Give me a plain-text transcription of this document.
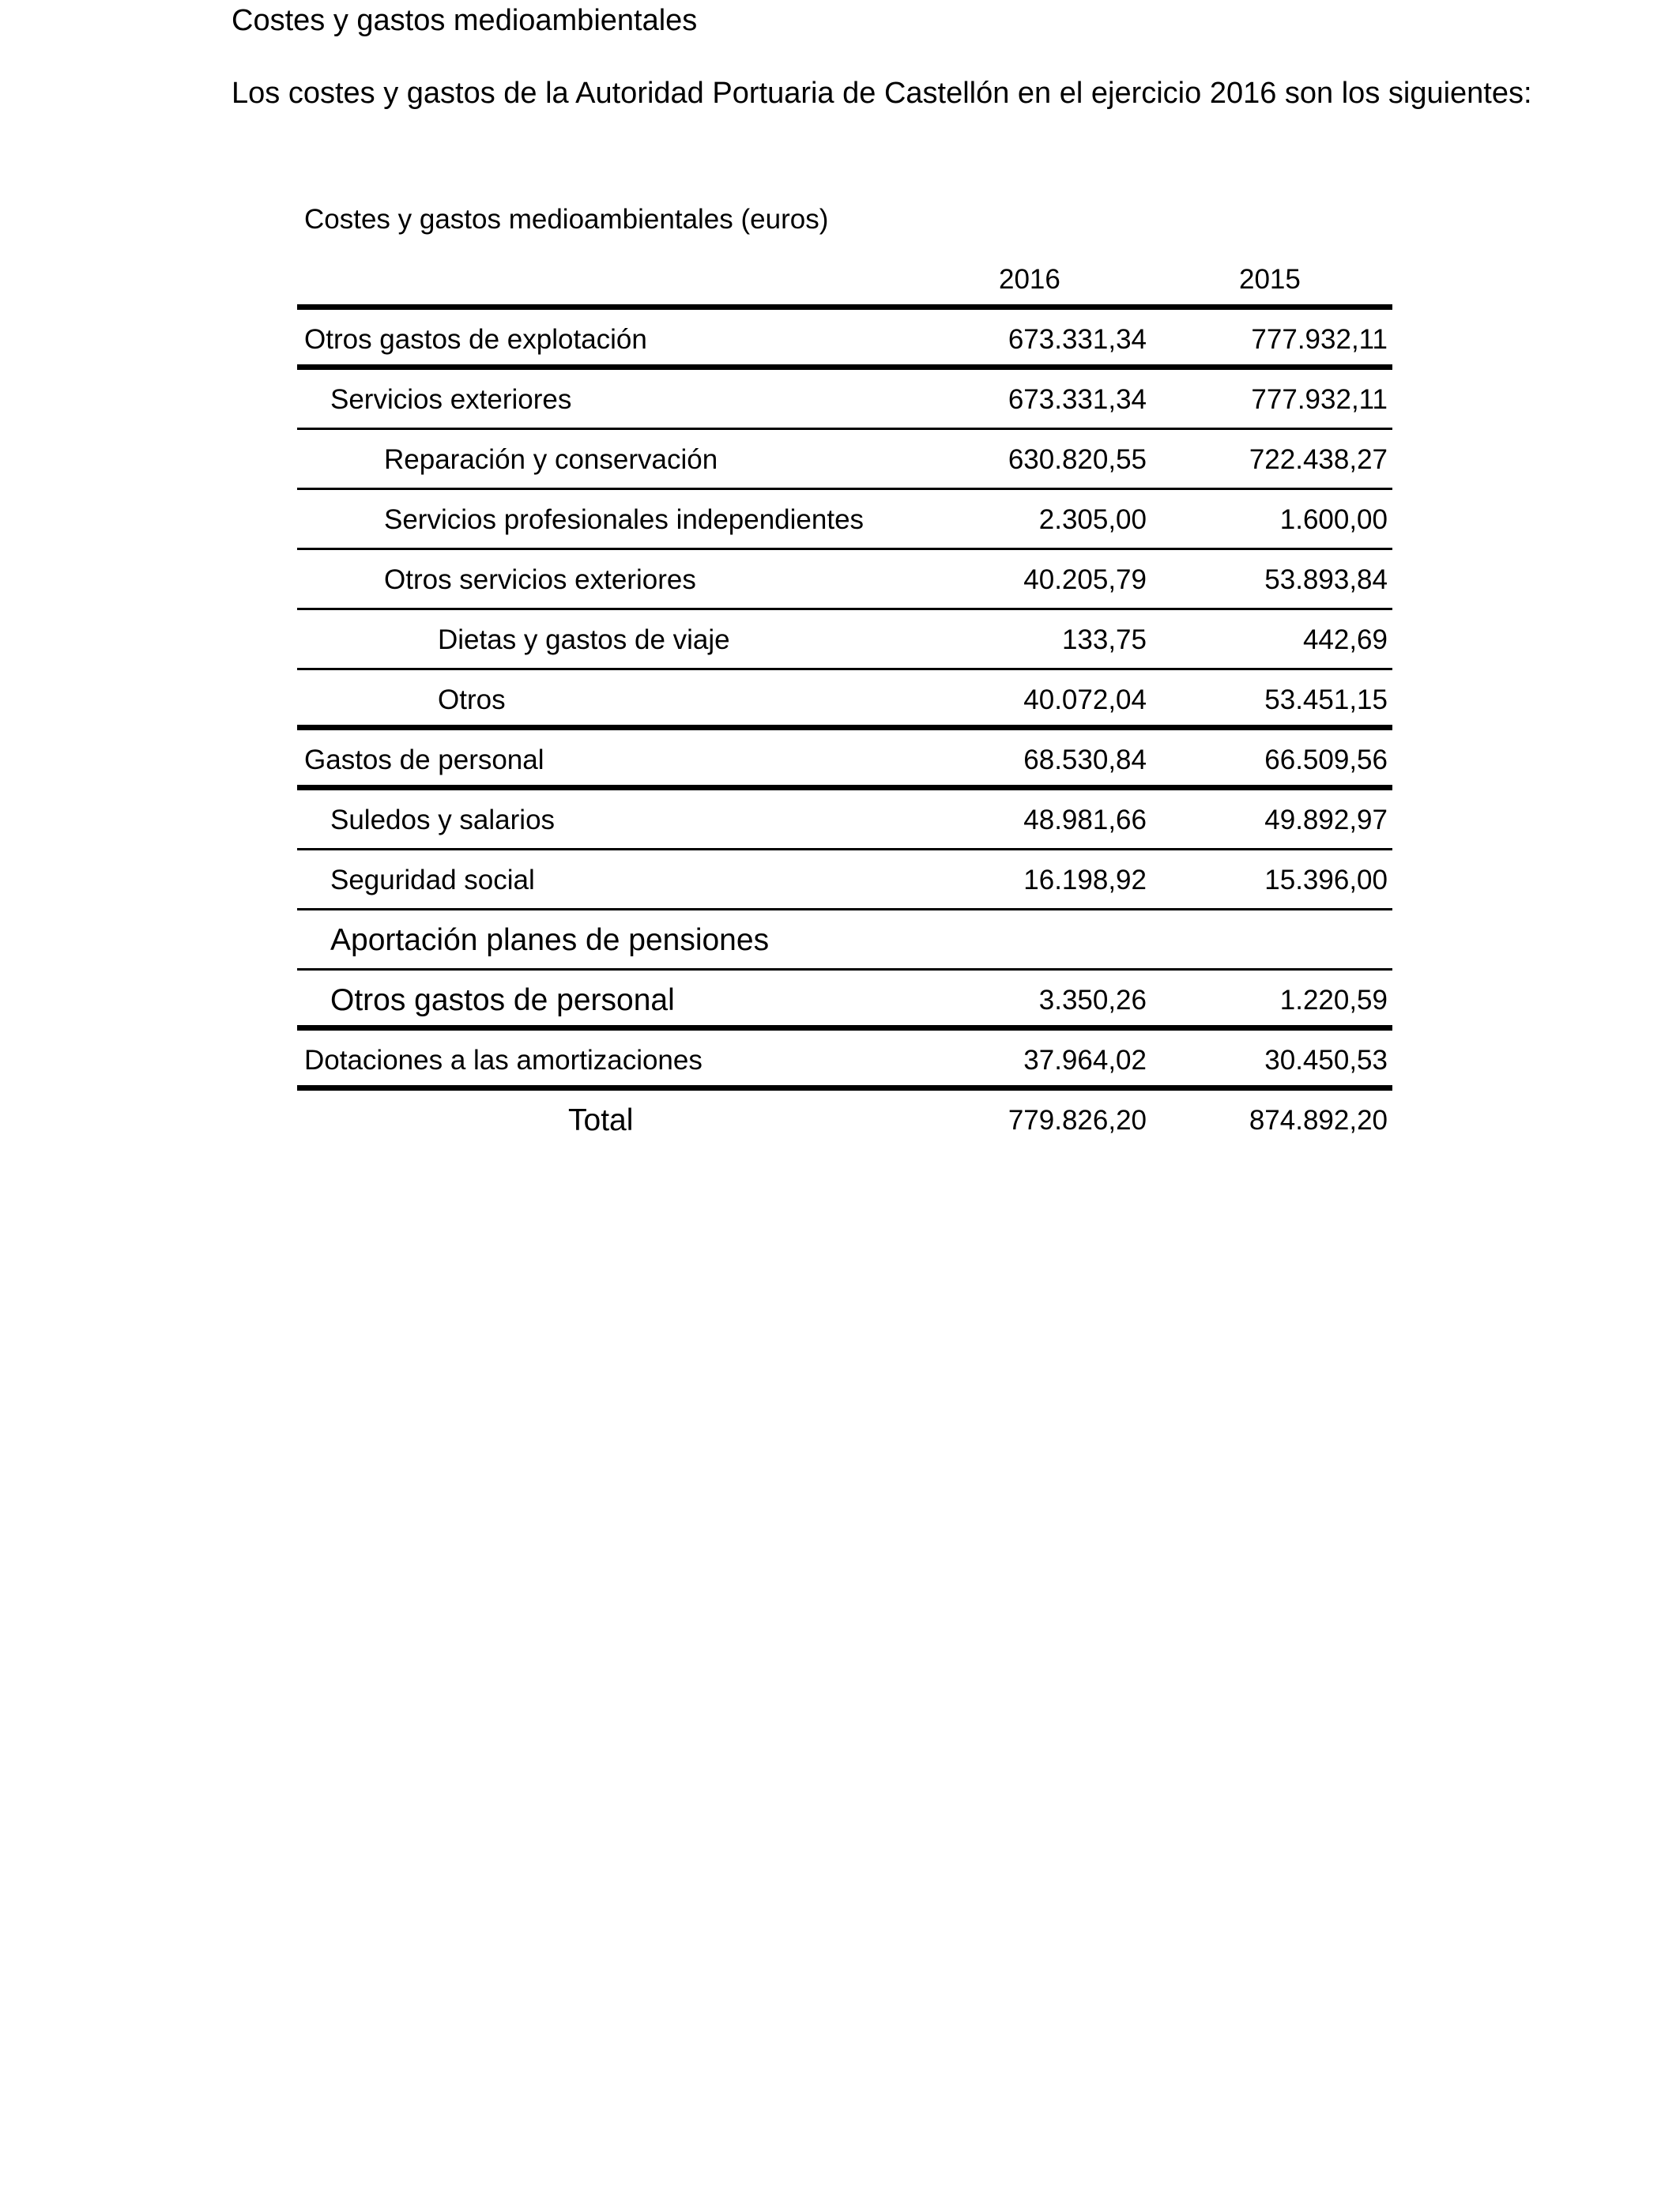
Costes y gastos medioambientales
Los costes y gastos de la Autoridad Portuaria de Castellón en el ejercicio 2016 son los siguientes:
Costes y gastos medioambientales (euros)
2016	2015
Otros gastos de explotación	673.331,34	777.932,11
Servicios exteriores	673.331,34	777.932,11
Reparación y conservación	630.820,55	722.438,27
Servicios profesionales independientes	2.305,00	1.600,00
Otros servicios exteriores	40.205,79	53.893,84
Dietas y gastos de viaje	133,75	442,69
Otros	40.072,04	53.451,15
Gastos de personal	68.530,84	66.509,56
Suledos y salarios	48.981,66	49.892,97
Seguridad social	16.198,92	15.396,00
Aportación planes de pensiones
Otros gastos de personal	3.350,26	1.220,59
Dotaciones a las amortizaciones	37.964,02	30.450,53
Total	779.826,20	874.892,20
